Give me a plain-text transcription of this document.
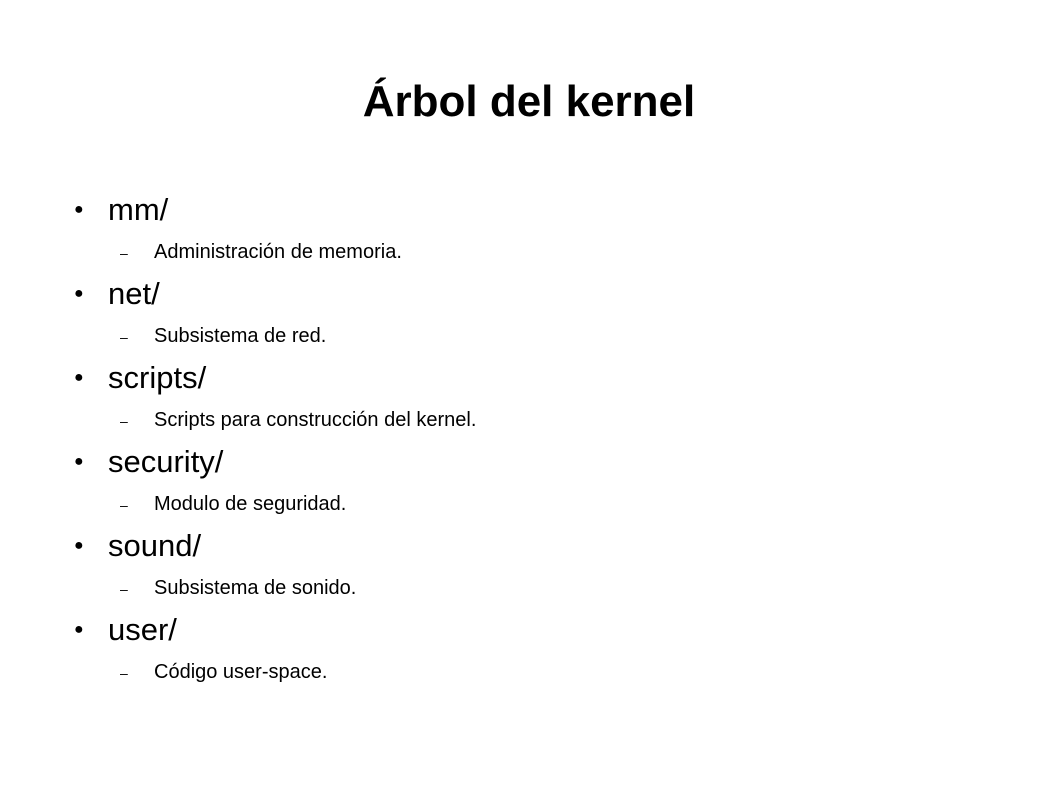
Árbol del kernel
● mm/
–	Administración de memoria.
● net/
–	Subsistema de red.
● scripts/
–	Scripts para construcción del kernel.
● security/
–	Modulo de seguridad.
● sound/
–	Subsistema de sonido.
● user/
–	Código user-space.
